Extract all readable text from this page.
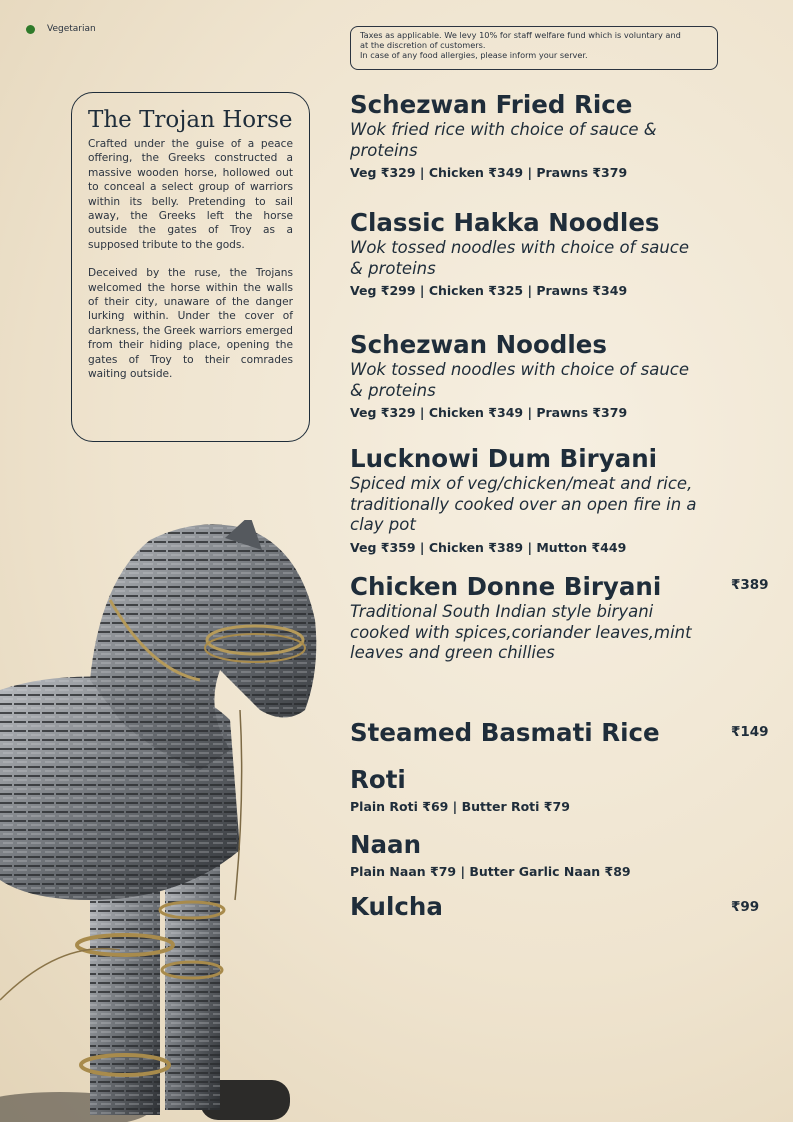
Vegetarian
Taxes as applicable. We levy 10% for staff welfare fund which is voluntary and
at the discretion of customers.
In case of any food allergies, please inform your server.
The Trojan Horse

Crafted under the guise of a peace offering, the Greeks constructed a massive wooden horse, hollowed out to conceal a select group of warriors within its belly. Pretending to sail away, the Greeks left the horse outside the gates of Troy as a supposed tribute to the gods.

Deceived by the ruse, the Trojans welcomed the horse within the walls of their city, unaware of the danger lurking within. Under the cover of darkness, the Greek warriors emerged from their hiding place, opening the gates of Troy to their comrades waiting outside.

Schezwan Fried Rice
Wok fried rice with choice of sauce & proteins
Veg ₹329 | Chicken ₹349 | Prawns ₹379
Classic Hakka Noodles
Wok tossed noodles with choice of sauce & proteins
Veg ₹299 | Chicken ₹325 | Prawns ₹349
Schezwan Noodles
Wok tossed noodles with choice of sauce & proteins
Veg ₹329 | Chicken ₹349 | Prawns ₹379
Lucknowi Dum Biryani
Spiced mix of veg/chicken/meat and rice, traditionally cooked over an open fire in a clay pot
Veg ₹359 | Chicken ₹389 | Mutton ₹449
Chicken Donne Biryani
Traditional South Indian style biryani cooked with spices,coriander leaves,mint leaves and green chillies
₹389
Steamed Basmati Rice	₹149
Roti
Plain Roti ₹69 | Butter Roti ₹79
Naan
Plain Naan ₹79 | Butter Garlic Naan ₹89
Kulcha	₹99
